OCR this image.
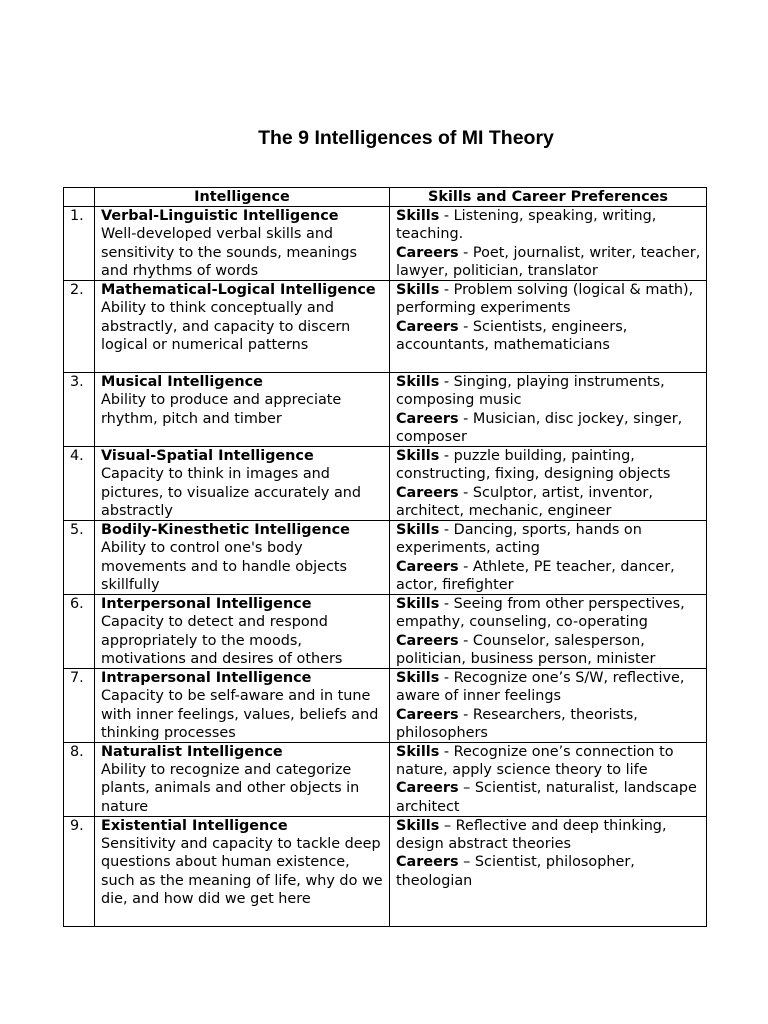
The 9 Intelligences of MI Theory
	Intelligence	Skills and Career Preferences
1.	Verbal-Linguistic Intelligence
Well-developed verbal skills and sensitivity to the sounds, meanings and rhythms of words	Skills - Listening, speaking, writing, teaching.
Careers - Poet, journalist, writer, teacher, lawyer, politician, translator
2.	Mathematical-Logical Intelligence  Ability to think conceptually and abstractly, and capacity to discern logical or numerical patterns	Skills - Problem solving (logical & math), performing experiments
Careers - Scientists, engineers, accountants, mathematicians
3.	Musical Intelligence
Ability to produce and appreciate rhythm, pitch and timber	Skills - Singing, playing instruments, composing music
Careers - Musician, disc jockey, singer, composer
4.	Visual-Spatial Intelligence
Capacity to think in images and pictures, to visualize accurately and abstractly	Skills - puzzle building, painting, constructing, fixing, designing objects
Careers - Sculptor, artist, inventor, architect, mechanic, engineer
5.	Bodily-Kinesthetic Intelligence
Ability to control one's body movements and to handle objects skillfully	Skills - Dancing, sports, hands on experiments, acting
Careers - Athlete, PE teacher, dancer, actor, firefighter
6.	Interpersonal Intelligence
Capacity to detect and respond appropriately to the moods, motivations and desires of others	Skills - Seeing from other perspectives, empathy, counseling, co-operating
Careers - Counselor, salesperson, politician, business person, minister
7.	Intrapersonal Intelligence
Capacity to be self-aware and in tune with inner feelings, values, beliefs and thinking processes	Skills - Recognize one’s S/W, reflective, aware of inner feelings
Careers - Researchers, theorists, philosophers
8.	Naturalist Intelligence
Ability to recognize and categorize plants, animals and other objects in nature	Skills - Recognize one’s connection to nature, apply science theory to life
Careers – Scientist, naturalist, landscape architect
9.	Existential Intelligence
Sensitivity and capacity to tackle deep questions about human existence, such as the meaning of life, why do we die, and how did we get here	Skills – Reflective and deep thinking, design abstract theories
Careers – Scientist, philosopher, theologian
